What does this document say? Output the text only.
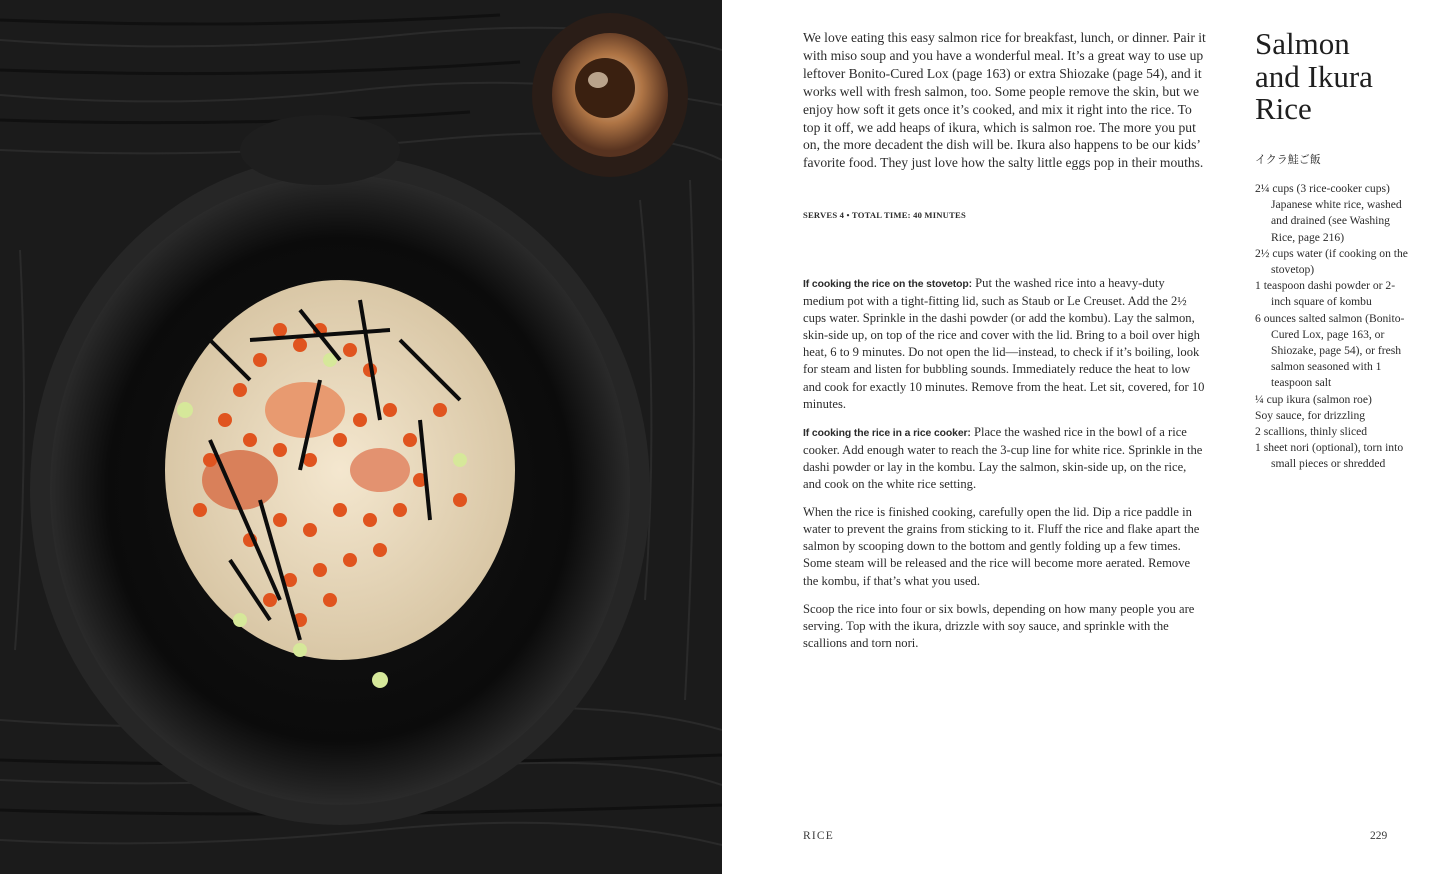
We love eating this easy salmon rice for breakfast, lunch, or dinner. Pair it with miso soup and you have a wonderful meal. It’s a great way to use up leftover Bonito-Cured Lox (page 163) or extra Shiozake (page 54), and it works well with fresh salmon, too. Some people remove the skin, but we enjoy how soft it gets once it’s cooked, and mix it right into the rice. To top it off, we add heaps of ikura, which is salmon roe. The more you put on, the more decadent the dish will be. Ikura also happens to be our kids’ favorite food. They just love how the salty little eggs pop in their mouths.

SERVES 4 • TOTAL TIME: 40 MINUTES

If cooking the rice on the stovetop: Put the washed rice into a heavy-duty medium pot with a tight-fitting lid, such as Staub or Le Creuset. Add the 2½ cups water. Sprinkle in the dashi powder (or add the kombu). Lay the salmon, skin-side up, on top of the rice and cover with the lid. Bring to a boil over high heat, 6 to 9 minutes. Do not open the lid—instead, to check if it’s boiling, look for steam and listen for bubbling sounds. Immediately reduce the heat to low and cook for exactly 10 minutes. Remove from the heat. Let sit, covered, for 10 minutes.

If cooking the rice in a rice cooker: Place the washed rice in the bowl of a rice cooker. Add enough water to reach the 3-cup line for white rice. Sprinkle in the dashi powder or lay in the kombu. Lay the salmon, skin-side up, on the rice, and cook on the white rice setting.

When the rice is finished cooking, carefully open the lid. Dip a rice paddle in water to prevent the grains from sticking to it. Fluff the rice and flake apart the salmon by scooping down to the bottom and gently folding up a few times. Some steam will be released and the rice will become more aerated. Remove the kombu, if that’s what you used.

Scoop the rice into four or six bowls, depending on how many people you are serving. Top with the ikura, drizzle with soy sauce, and sprinkle with the scallions and torn nori.

Salmon
and Ikura
Rice

イクラ鮭ご飯

2¼ cups (3 rice-cooker cups) Japanese white rice, washed and drained (see Washing Rice, page 216)
2½ cups water (if cooking on the stovetop)
1 teaspoon dashi powder or 2-inch square of kombu
6 ounces salted salmon (Bonito-Cured Lox, page 163, or Shiozake, page 54), or fresh salmon seasoned with 1 teaspoon salt
¼ cup ikura (salmon roe)
Soy sauce, for drizzling
2 scallions, thinly sliced
1 sheet nori (optional), torn into small pieces or shredded

RICE	229
